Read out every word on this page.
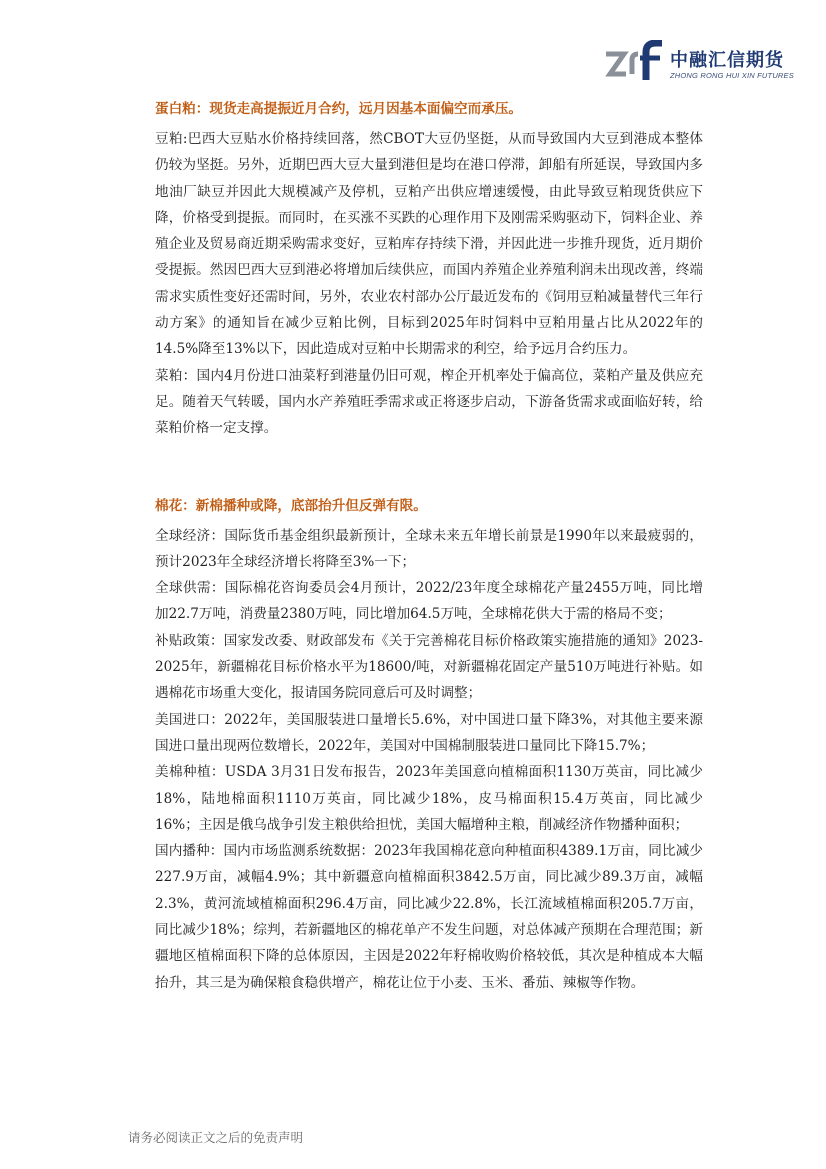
中融汇信期货
ZHONG RONG HUI XIN FUTURES

蛋白粕：现货走高提振近月合约，远月因基本面偏空而承压。

豆粕:巴西大豆贴水价格持续回落，然CBOT大豆仍坚挺，从而导致国内大豆到港成本整体仍较为坚挺。另外，近期巴西大豆大量到港但是均在港口停滞，卸船有所延误，导致国内多地油厂缺豆并因此大规模减产及停机，豆粕产出供应增速缓慢，由此导致豆粕现货供应下降，价格受到提振。而同时，在买涨不买跌的心理作用下及刚需采购驱动下，饲料企业、养殖企业及贸易商近期采购需求变好，豆粕库存持续下滑，并因此进一步推升现货，近月期价受提振。然因巴西大豆到港必将增加后续供应，而国内养殖企业养殖利润未出现改善，终端需求实质性变好还需时间，另外，农业农村部办公厅最近发布的《饲用豆粕减量替代三年行动方案》的通知旨在减少豆粕比例，目标到2025年时饲料中豆粕用量占比从2022年的14.5%降至13%以下，因此造成对豆粕中长期需求的利空，给予远月合约压力。

菜粕：国内4月份进口油菜籽到港量仍旧可观，榨企开机率处于偏高位，菜粕产量及供应充足。随着天气转暖，国内水产养殖旺季需求或正将逐步启动，下游备货需求或面临好转，给菜粕价格一定支撑。

棉花：新棉播种或降，底部抬升但反弹有限。

全球经济：国际货币基金组织最新预计，全球未来五年增长前景是1990年以来最疲弱的，预计2023年全球经济增长将降至3%一下；

全球供需：国际棉花咨询委员会4月预计，2022/23年度全球棉花产量2455万吨，同比增加22.7万吨，消费量2380万吨，同比增加64.5万吨，全球棉花供大于需的格局不变；

补贴政策：国家发改委、财政部发布《关于完善棉花目标价格政策实施措施的通知》2023-2025年，新疆棉花目标价格水平为18600/吨，对新疆棉花固定产量510万吨进行补贴。如遇棉花市场重大变化，报请国务院同意后可及时调整；

美国进口：2022年，美国服装进口量增长5.6%，对中国进口量下降3%，对其他主要来源国进口量出现两位数增长，2022年，美国对中国棉制服装进口量同比下降15.7%；

美棉种植：USDA 3月31日发布报告，2023年美国意向植棉面积1130万英亩，同比减少18%，陆地棉面积1110万英亩，同比减少18%，皮马棉面积15.4万英亩，同比减少16%；主因是俄乌战争引发主粮供给担忧，美国大幅增种主粮，削减经济作物播种面积；

国内播种：国内市场监测系统数据：2023年我国棉花意向种植面积4389.1万亩，同比减少227.9万亩，减幅4.9%；其中新疆意向植棉面积3842.5万亩，同比减少89.3万亩，减幅2.3%，黄河流域植棉面积296.4万亩，同比减少22.8%，长江流域植棉面积205.7万亩，同比减少18%；综判，若新疆地区的棉花单产不发生问题，对总体减产预期在合理范围；新疆地区植棉面积下降的总体原因，主因是2022年籽棉收购价格较低，其次是种植成本大幅抬升，其三是为确保粮食稳供增产，棉花让位于小麦、玉米、番茄、辣椒等作物。

请务必阅读正文之后的免责声明
